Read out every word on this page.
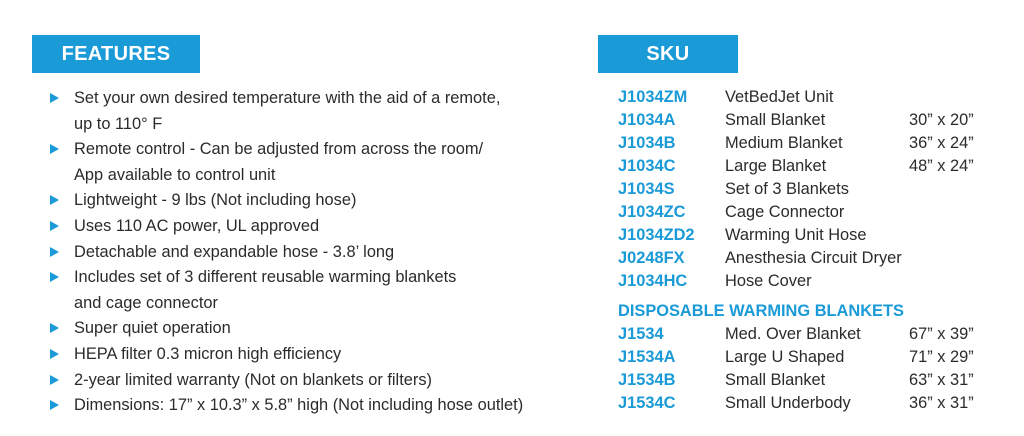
FEATURES
Set your own desired temperature with the aid of a remote,
up to 110° F
Remote control - Can be adjusted from across the room/
App available to control unit
Lightweight - 9 lbs (Not including hose)
Uses 110 AC power, UL approved
Detachable and expandable hose - 3.8’ long
Includes set of 3 different reusable warming blankets
and cage connector
Super quiet operation
HEPA filter 0.3 micron high efficiency
2-year limited warranty (Not on blankets or filters)
Dimensions: 17” x 10.3” x 5.8” high (Not including hose outlet)
SKU
J1034ZM	VetBedJet Unit
J1034A	Small Blanket	30” x 20”
J1034B	Medium Blanket	36” x 24”
J1034C	Large Blanket	48” x 24”
J1034S	Set of 3 Blankets
J1034ZC	Cage Connector
J1034ZD2	Warming Unit Hose
J0248FX	Anesthesia Circuit Dryer
J1034HC	Hose Cover
DISPOSABLE WARMING BLANKETS
J1534	Med. Over Blanket	67” x 39”
J1534A	Large U Shaped	71” x 29”
J1534B	Small Blanket	63” x 31”
J1534C	Small Underbody	36” x 31”
